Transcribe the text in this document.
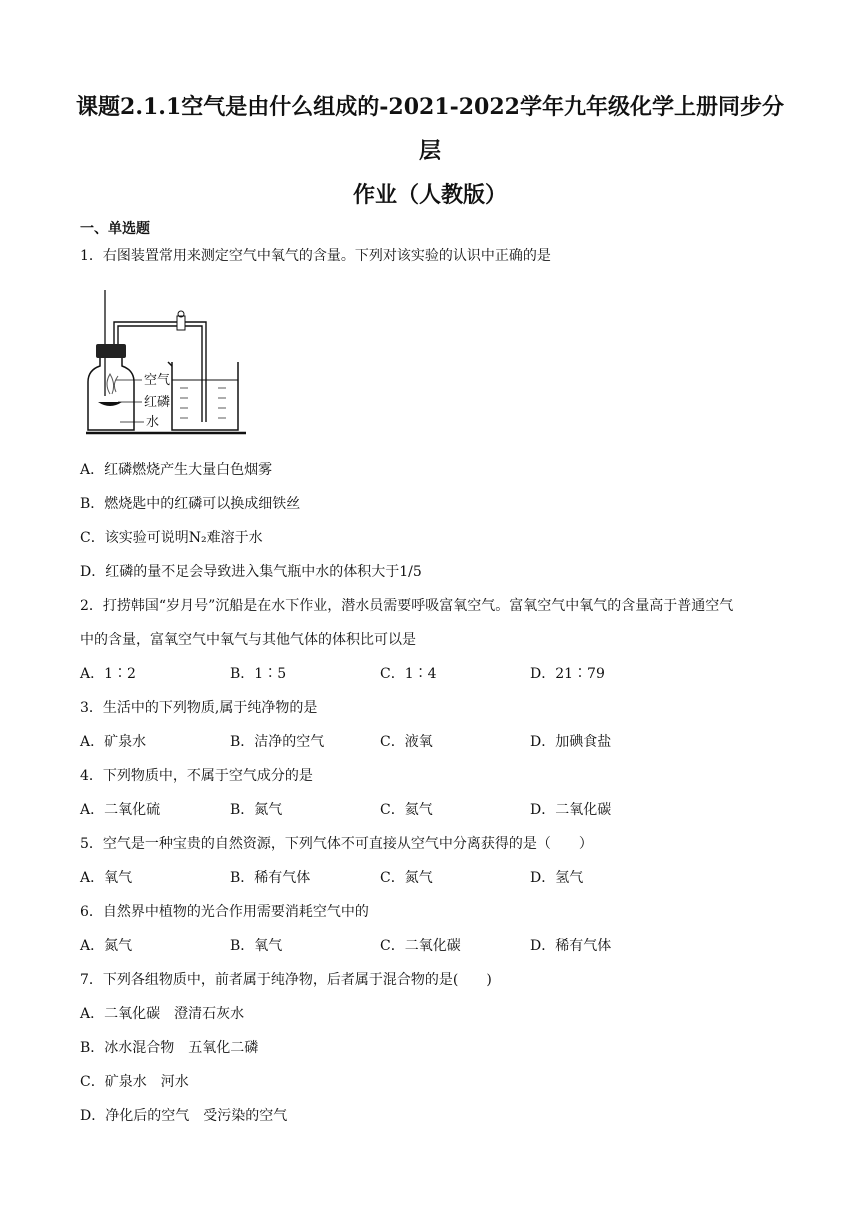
课题2.1.1空气是由什么组成的-2021-2022学年九年级化学上册同步分层
作业（人教版）
一、单选题
1．右图装置常用来测定空气中氧气的含量。下列对该实验的认识中正确的是
空气
红磷
水
A．红磷燃烧产生大量白色烟雾
B．燃烧匙中的红磷可以换成细铁丝
C．该实验可说明N₂难溶于水
D．红磷的量不足会导致进入集气瓶中水的体积大于1/5
2．打捞韩国“岁月号”沉船是在水下作业，潜水员需要呼吸富氧空气。富氧空气中氧气的含量高于普通空气
中的含量，富氧空气中氧气与其他气体的体积比可以是
A．1∶2	B．1∶5	C．1∶4	D．21∶79
3．生活中的下列物质,属于纯净物的是
A．矿泉水	B．洁净的空气	C．液氧	D．加碘食盐
4．下列物质中，不属于空气成分的是
A．二氧化硫	B．氮气	C．氦气	D．二氧化碳
5．空气是一种宝贵的自然资源，下列气体不可直接从空气中分离获得的是（　　）
A．氧气	B．稀有气体	C．氮气	D．氢气
6．自然界中植物的光合作用需要消耗空气中的
A．氮气	B．氧气	C．二氧化碳	D．稀有气体
7．下列各组物质中，前者属于纯净物，后者属于混合物的是(　　)
A．二氧化碳　澄清石灰水
B．冰水混合物　五氧化二磷
C．矿泉水　河水
D．净化后的空气　受污染的空气
